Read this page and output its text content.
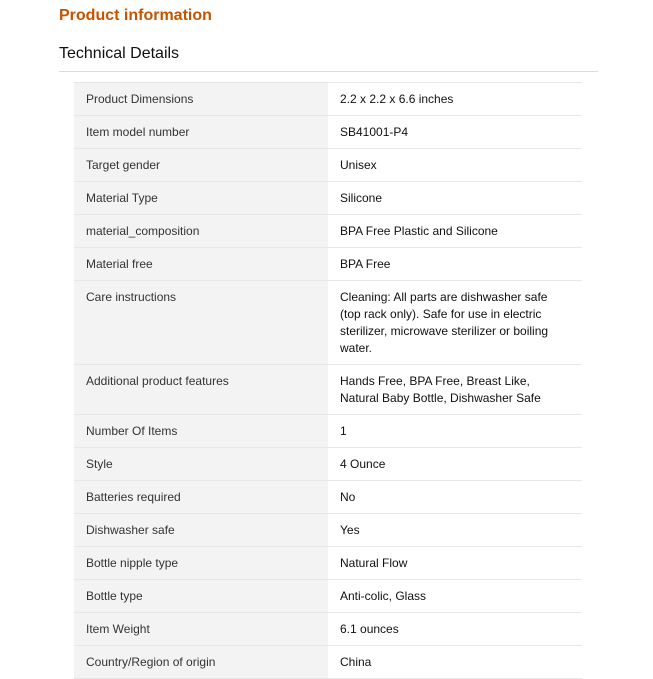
Product information
Technical Details
Product Dimensions	2.2 x 2.2 x 6.6 inches
Item model number	SB41001-P4
Target gender	Unisex
Material Type	Silicone
material_composition	BPA Free Plastic and Silicone
Material free	BPA Free
Care instructions	Cleaning: All parts are dishwasher safe (top rack only). Safe for use in electric sterilizer, microwave sterilizer or boiling water.
Additional product features	Hands Free, BPA Free, Breast Like, Natural Baby Bottle, Dishwasher Safe
Number Of Items	1
Style	4 Ounce
Batteries required	No
Dishwasher safe	Yes
Bottle nipple type	Natural Flow
Bottle type	Anti-colic, Glass
Item Weight	6.1 ounces
Country/Region of origin	China
